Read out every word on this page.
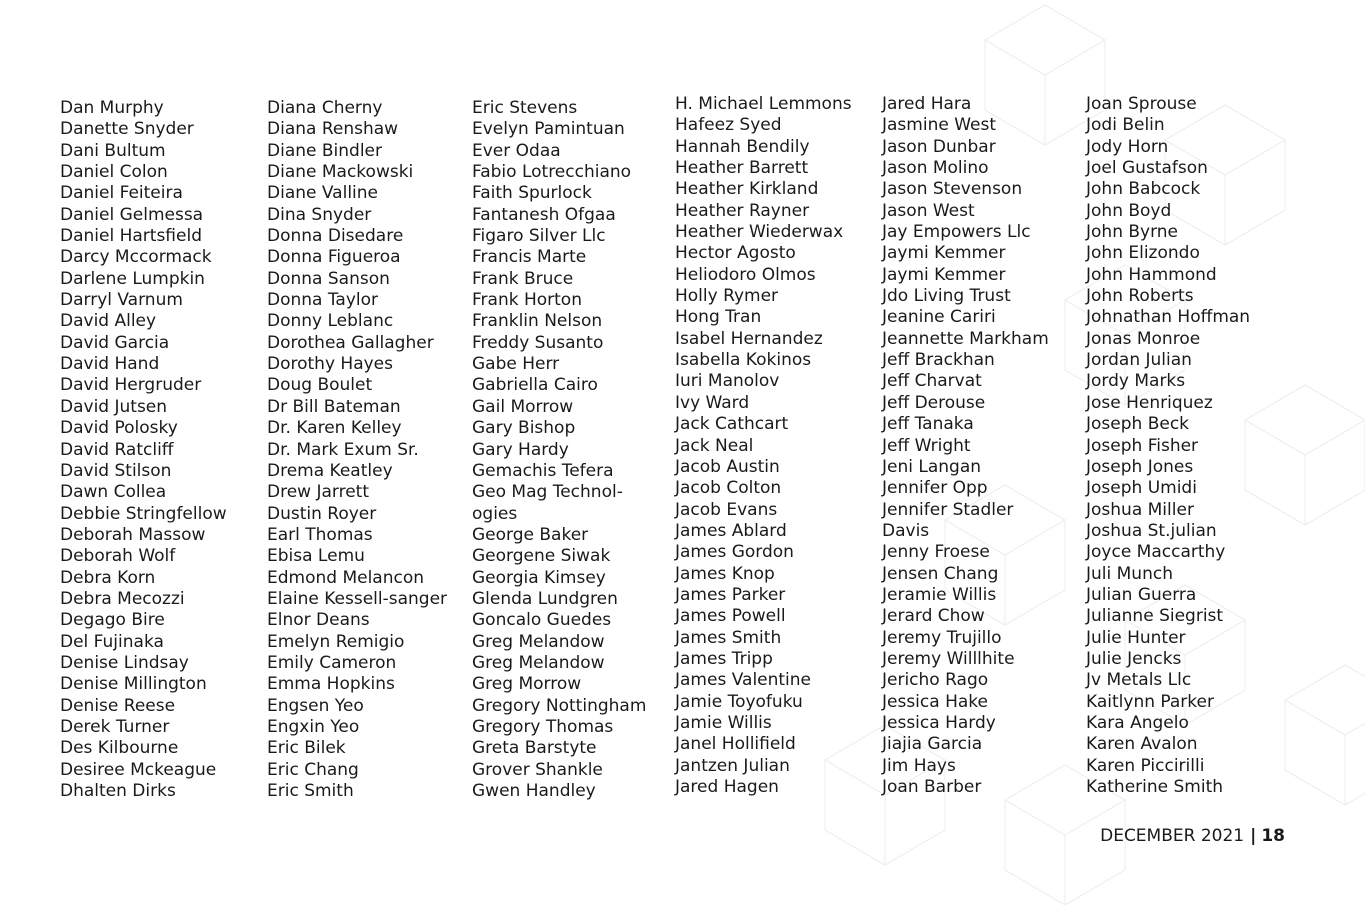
Dan Murphy
Danette Snyder
Dani Bultum
Daniel Colon
Daniel Feiteira
Daniel Gelmessa
Daniel Hartsfield
Darcy Mccormack
Darlene Lumpkin
Darryl Varnum
David Alley
David Garcia
David Hand
David Hergruder
David Jutsen
David Polosky
David Ratcliff
David Stilson
Dawn Collea
Debbie Stringfellow
Deborah Massow
Deborah Wolf
Debra Korn
Debra Mecozzi
Degago Bire
Del Fujinaka
Denise Lindsay
Denise Millington
Denise Reese
Derek Turner
Des Kilbourne
Desiree Mckeague
Dhalten Dirks
Diana Cherny
Diana Renshaw
Diane Bindler
Diane Mackowski
Diane Valline
Dina Snyder
Donna Disedare
Donna Figueroa
Donna Sanson
Donna Taylor
Donny Leblanc
Dorothea Gallagher
Dorothy Hayes
Doug Boulet
Dr Bill Bateman
Dr. Karen Kelley
Dr. Mark Exum Sr.
Drema Keatley
Drew Jarrett
Dustin Royer
Earl Thomas
Ebisa Lemu
Edmond Melancon
Elaine Kessell-sanger
Elnor Deans
Emelyn Remigio
Emily Cameron
Emma Hopkins
Engsen Yeo
Engxin Yeo
Eric Bilek
Eric Chang
Eric Smith
Eric Stevens
Evelyn Pamintuan
Ever Odaa
Fabio Lotrecchiano
Faith Spurlock
Fantanesh Ofgaa
Figaro Silver Llc
Francis Marte
Frank Bruce
Frank Horton
Franklin Nelson
Freddy Susanto
Gabe Herr
Gabriella Cairo
Gail Morrow
Gary Bishop
Gary Hardy
Gemachis Tefera
Geo Mag Technol-
ogies
George Baker
Georgene Siwak
Georgia Kimsey
Glenda Lundgren
Goncalo Guedes
Greg Melandow
Greg Melandow
Greg Morrow
Gregory Nottingham
Gregory Thomas
Greta Barstyte
Grover Shankle
Gwen Handley
H. Michael Lemmons
Hafeez Syed
Hannah Bendily
Heather Barrett
Heather Kirkland
Heather Rayner
Heather Wiederwax
Hector Agosto
Heliodoro Olmos
Holly Rymer
Hong Tran
Isabel Hernandez
Isabella Kokinos
Iuri Manolov
Ivy Ward
Jack Cathcart
Jack Neal
Jacob Austin
Jacob Colton
Jacob Evans
James Ablard
James Gordon
James Knop
James Parker
James Powell
James Smith
James Tripp
James Valentine
Jamie Toyofuku
Jamie Willis
Janel Hollifield
Jantzen Julian
Jared Hagen
Jared Hara
Jasmine West
Jason Dunbar
Jason Molino
Jason Stevenson
Jason West
Jay Empowers Llc
Jaymi Kemmer
Jaymi Kemmer
Jdo Living Trust
Jeanine Cariri
Jeannette Markham
Jeff Brackhan
Jeff Charvat
Jeff Derouse
Jeff Tanaka
Jeff Wright
Jeni Langan
Jennifer Opp
Jennifer Stadler
Davis
Jenny Froese
Jensen Chang
Jeramie Willis
Jerard Chow
Jeremy Trujillo
Jeremy Willlhite
Jericho Rago
Jessica Hake
Jessica Hardy
Jiajia Garcia
Jim Hays
Joan Barber
Joan Sprouse
Jodi Belin
Jody Horn
Joel Gustafson
John Babcock
John Boyd
John Byrne
John Elizondo
John Hammond
John Roberts
Johnathan Hoffman
Jonas Monroe
Jordan Julian
Jordy Marks
Jose Henriquez
Joseph Beck
Joseph Fisher
Joseph Jones
Joseph Umidi
Joshua Miller
Joshua St.julian
Joyce Maccarthy
Juli Munch
Julian Guerra
Julianne Siegrist
Julie Hunter
Julie Jencks
Jv Metals Llc
Kaitlynn Parker
Kara Angelo
Karen Avalon
Karen Piccirilli
Katherine Smith
DECEMBER 2021 | 18
